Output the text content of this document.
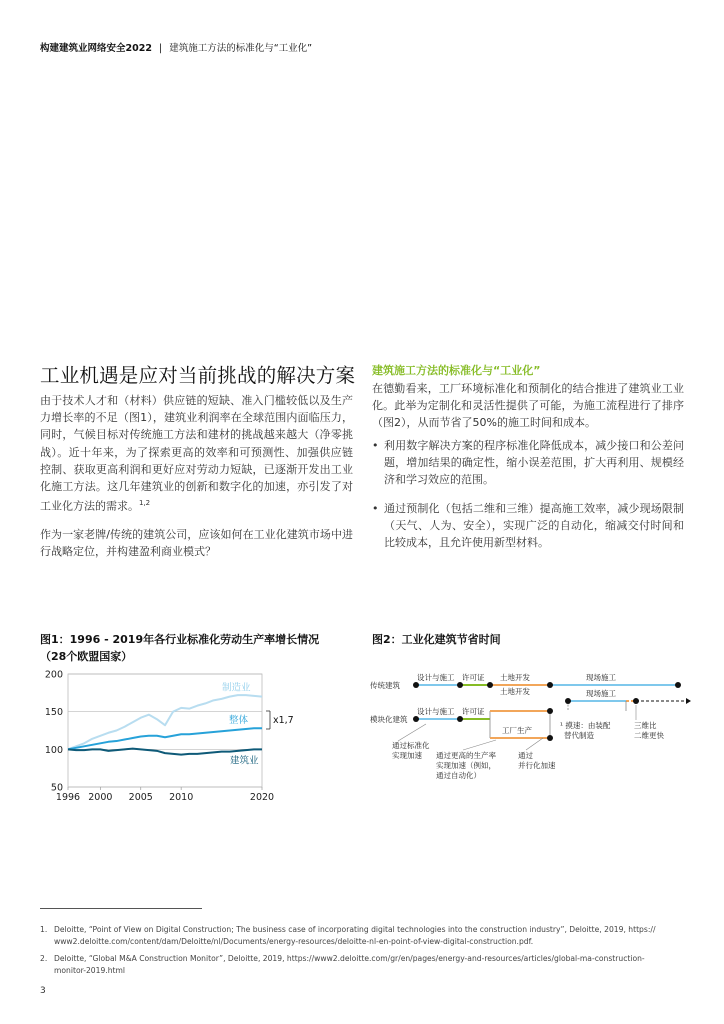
构建建筑业网络安全2022 | 建筑施工方法的标准化与“工业化”
工业机遇是应对当前挑战的解决方案
由于技术人才和（材料）供应链的短缺、准入门槛较低以及生产力增长率的不足（图1），建筑业利润率在全球范围内面临压力，同时，气候目标对传统施工方法和建材的挑战越来越大（净零挑战）。近十年来，为了探索更高的效率和可预测性、加强供应链控制、获取更高利润和更好应对劳动力短缺，已逐渐开发出工业化施工方法。这几年建筑业的创新和数字化的加速，亦引发了对工业化方法的需求。$^{1,2}$
作为一家老牌/传统的建筑公司，应该如何在工业化建筑市场中进行战略定位，并构建盈利商业模式？
建筑施工方法的标准化与“工业化”
在德勤看来，工厂环境标准化和预制化的结合推进了建筑业工业化。此举为定制化和灵活性提供了可能，为施工流程进行了排序（图2），从而节省了50%的施工时间和成本。
• 利用数字解决方案的程序标准化降低成本，减少接口和公差问题，增加结果的确定性，缩小误差范围，扩大再利用、规模经济和学习效应的范围。
• 通过预制化（包括二维和三维）提高施工效率，减少现场限制（天气、人为、安全），实现广泛的自动化，缩减交付时间和比较成本，且允许使用新型材料。
图1：1996 - 2019年各行业标准化劳动生产率增长情况
（28个欧盟国家）
50
100
150
200
1996 2000 2005 2010	2020
制造业
整体
建筑业
x1,7
图2：工业化建筑节省时间
传统建筑
模块化建筑
设计与施工 许可证 土地开发	现场施工
设计与施工 许可证
土地开发
工厂生产
现场施工
通过标准化
实现加速 通过更高的生产率
实现加速（例如，
通过自动化）
通过
并行化加速
¹ 摸速：由装配
替代制造
三维比
二维更快
1. Deloitte, “Point of View on Digital Construction; The business case of incorporating digital technologies into the construction industry”, Deloitte, 2019, https://
www2.deloitte.com/content/dam/Deloitte/nl/Documents/energy-resources/deloitte-nl-en-point-of-view-digital-construction.pdf.
2. Deloitte, “Global M&A Construction Monitor”, Deloitte, 2019, https://www2.deloitte.com/gr/en/pages/energy-and-resources/articles/global-ma-construction-
monitor-2019.html
3
